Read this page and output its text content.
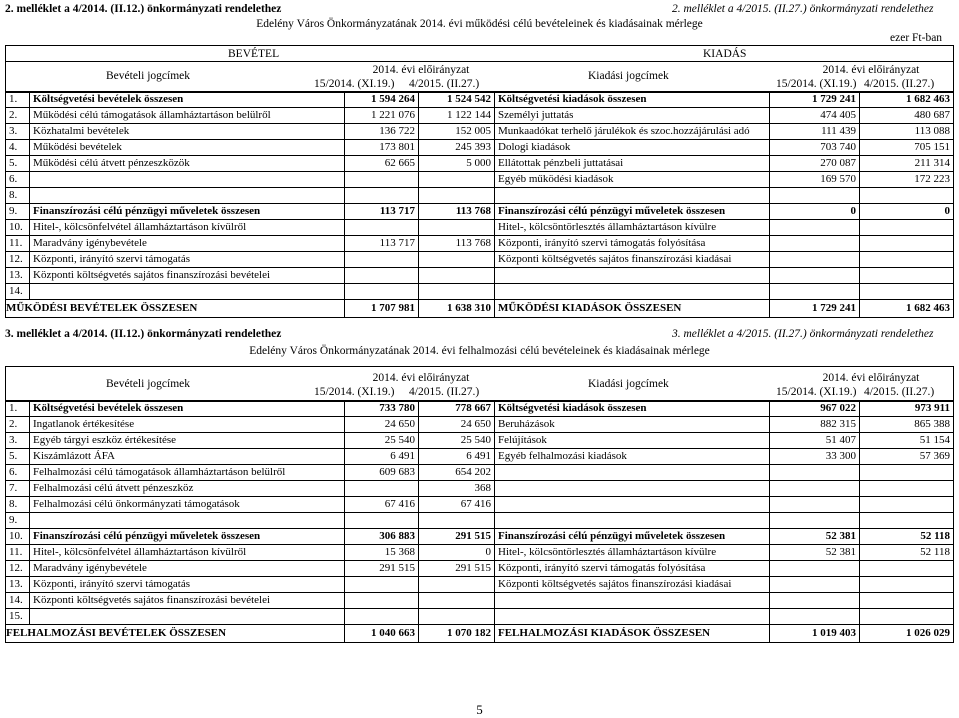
2. melléklet a 4/2014. (II.12.) önkormányzati rendelethez	2. melléklet a 4/2015. (II.27.) önkormányzati rendelethez
Edelény Város Önkormányzatának 2014. évi működési célú bevételeinek és kiadásainak mérlege
ezer Ft-ban
BEVÉTEL	KIADÁS
Bevételi jogcímek	2014. évi előirányzat
15/2014. (XI.19.) 4/2015. (II.27.)
Kiadási jogcímek	2014. évi előirányzat
15/2014. (XI.19.) 4/2015. (II.27.)
1.	Költségvetési bevételek összesen	1 594 264	1 524 542	Költségvetési kiadások összesen	1 729 241	1 682 463
2.	Működési célú támogatások államháztartáson belülről	1 221 076	1 122 144	Személyi juttatás	474 405	480 687
3.	Közhatalmi bevételek	136 722	152 005	Munkaadókat terhelő járulékok és szoc.hozzájárulási adó	111 439	113 088
4.	Működési bevételek	173 801	245 393	Dologi kiadások	703 740	705 151
5.	Működési célú átvett pénzeszközök	62 665	5 000	Ellátottak pénzbeli juttatásai	270 087	211 314
6.				Egyéb működési kiadások	169 570	172 223
8.						
9.	Finanszírozási célú pénzügyi műveletek összesen	113 717	113 768	Finanszírozási célú pénzügyi műveletek összesen	0	0
10.	Hitel-, kölcsönfelvétel államháztartáson kívülről			Hitel-, kölcsöntörlesztés államháztartáson kívülre		
11.	Maradvány igénybevétele	113 717	113 768	Központi, irányító szervi támogatás folyósítása		
12.	Központi, irányító szervi támogatás			Központi költségvetés sajátos finanszírozási kiadásai		
13.	Központi költségvetés sajátos finanszírozási bevételei					
14.						
MŰKÖDÉSI BEVÉTELEK ÖSSZESEN		1 707 981	1 638 310	MŰKÖDÉSI KIADÁSOK ÖSSZESEN	1 729 241	1 682 463
3. melléklet a 4/2014. (II.12.) önkormányzati rendelethez	3. melléklet a 4/2015. (II.27.) önkormányzati rendelethez
Edelény Város Önkormányzatának 2014. évi felhalmozási célú bevételeinek és kiadásainak mérlege
Bevételi jogcímek	2014. évi előirányzat
15/2014. (XI.19.) 4/2015. (II.27.)
Kiadási jogcímek	2014. évi előirányzat
15/2014. (XI.19.) 4/2015. (II.27.)
1.	Költségvetési bevételek összesen	733 780	778 667	Költségvetési kiadások összesen	967 022	973 911
2.	Ingatlanok értékesítése	24 650	24 650	Beruházások	882 315	865 388
3.	Egyéb tárgyi eszköz értékesítése	25 540	25 540	Felújítások	51 407	51 154
5.	Kiszámlázott ÁFA	6 491	6 491	Egyéb felhalmozási kiadások	33 300	57 369
6.	Felhalmozási célú támogatások államháztartáson belülről	609 683	654 202			
7.	Felhalmozási célú átvett pénzeszköz		368			
8.	Felhalmozási célú önkormányzati támogatások	67 416	67 416			
9.						
10.	Finanszírozási célú pénzügyi műveletek összesen	306 883	291 515	Finanszírozási célú pénzügyi műveletek összesen	52 381	52 118
11.	Hitel-, kölcsönfelvétel államháztartáson kívülről	15 368	0	Hitel-, kölcsöntörlesztés államháztartáson kívülre	52 381	52 118
12.	Maradvány igénybevétele	291 515	291 515	Központi, irányító szervi támogatás folyósítása		
13.	Központi, irányító szervi támogatás			Központi költségvetés sajátos finanszírozási kiadásai		
14.	Központi költségvetés sajátos finanszírozási bevételei					
15.						
FELHALMOZÁSI BEVÉTELEK ÖSSZESEN		1 040 663	1 070 182	FELHALMOZÁSI KIADÁSOK ÖSSZESEN	1 019 403	1 026 029
5
